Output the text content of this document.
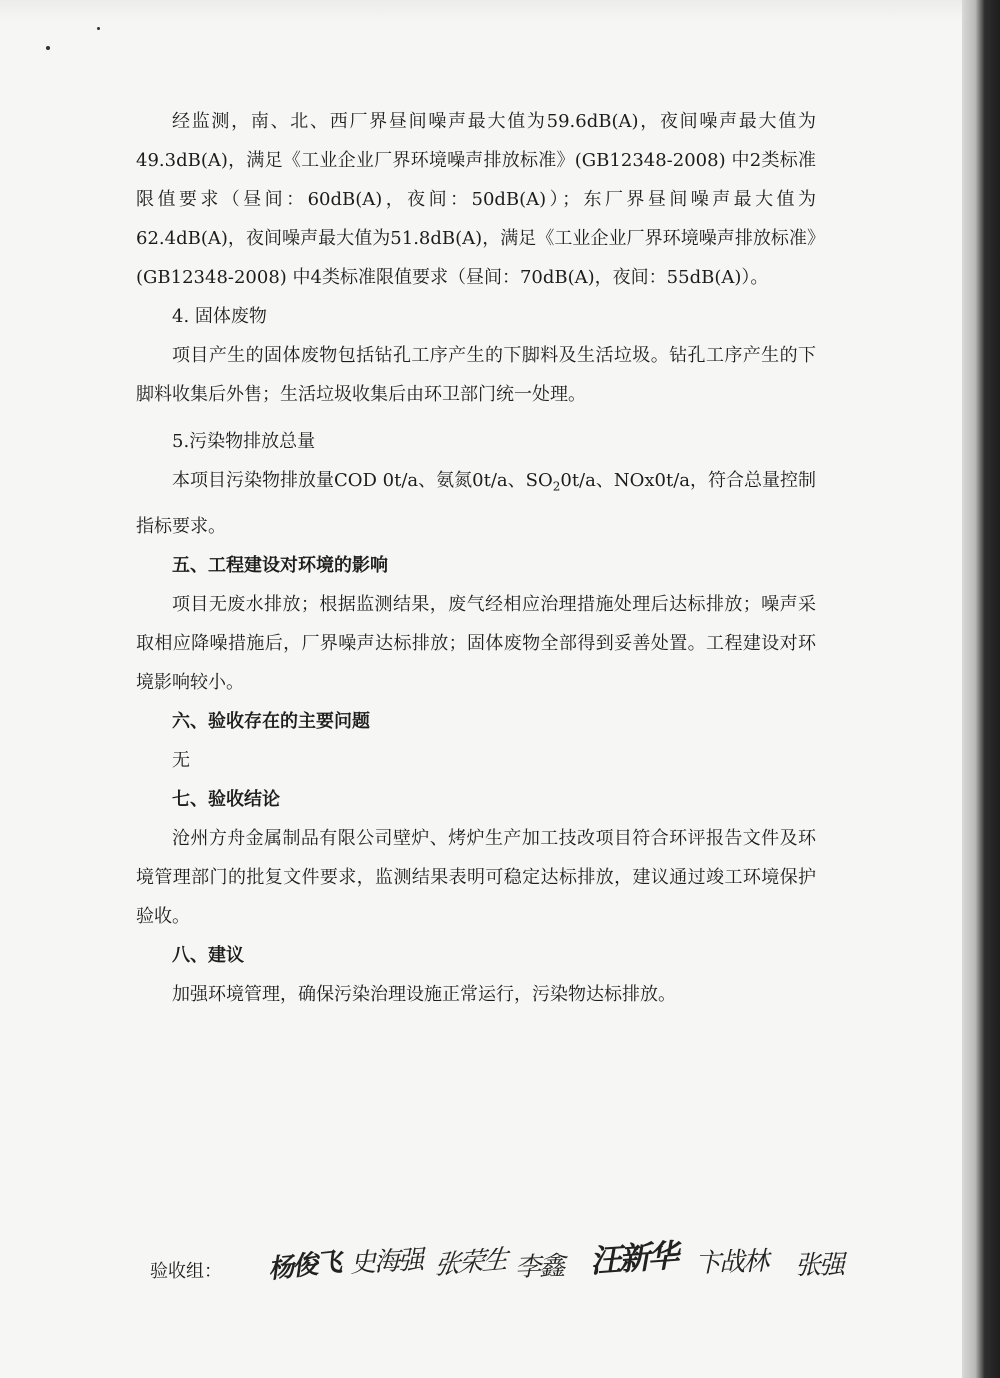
经监测，南、北、西厂界昼间噪声最大值为59.6dB(A)，夜间噪声最大值为49.3dB(A)，满足《工业企业厂界环境噪声排放标准》(GB12348-2008) 中2类标准限值要求（昼间：60dB(A)，夜间：50dB(A)）；东厂界昼间噪声最大值为62.4dB(A)，夜间噪声最大值为51.8dB(A)，满足《工业企业厂界环境噪声排放标准》(GB12348-2008) 中4类标准限值要求（昼间：70dB(A)，夜间：55dB(A)）。

4. 固体废物

项目产生的固体废物包括钻孔工序产生的下脚料及生活垃圾。钻孔工序产生的下脚料收集后外售；生活垃圾收集后由环卫部门统一处理。

5.污染物排放总量

本项目污染物排放量COD 0t/a、氨氮0t/a、$SO_20t/a$、NOx0t/a，符合总量控制指标要求。

五、工程建设对环境的影响

项目无废水排放；根据监测结果，废气经相应治理措施处理后达标排放；噪声采取相应降噪措施后，厂界噪声达标排放；固体废物全部得到妥善处置。工程建设对环境影响较小。

六、验收存在的主要问题

无

七、验收结论

沧州方舟金属制品有限公司壁炉、烤炉生产加工技改项目符合环评报告文件及环境管理部门的批复文件要求，监测结果表明可稳定达标排放，建议通过竣工环境保护验收。

八、建议

加强环境管理，确保污染治理设施正常运行，污染物达标排放。

验收组： 杨俊飞 史海强 张荣生 李鑫 汪新华 卞战林 张强
